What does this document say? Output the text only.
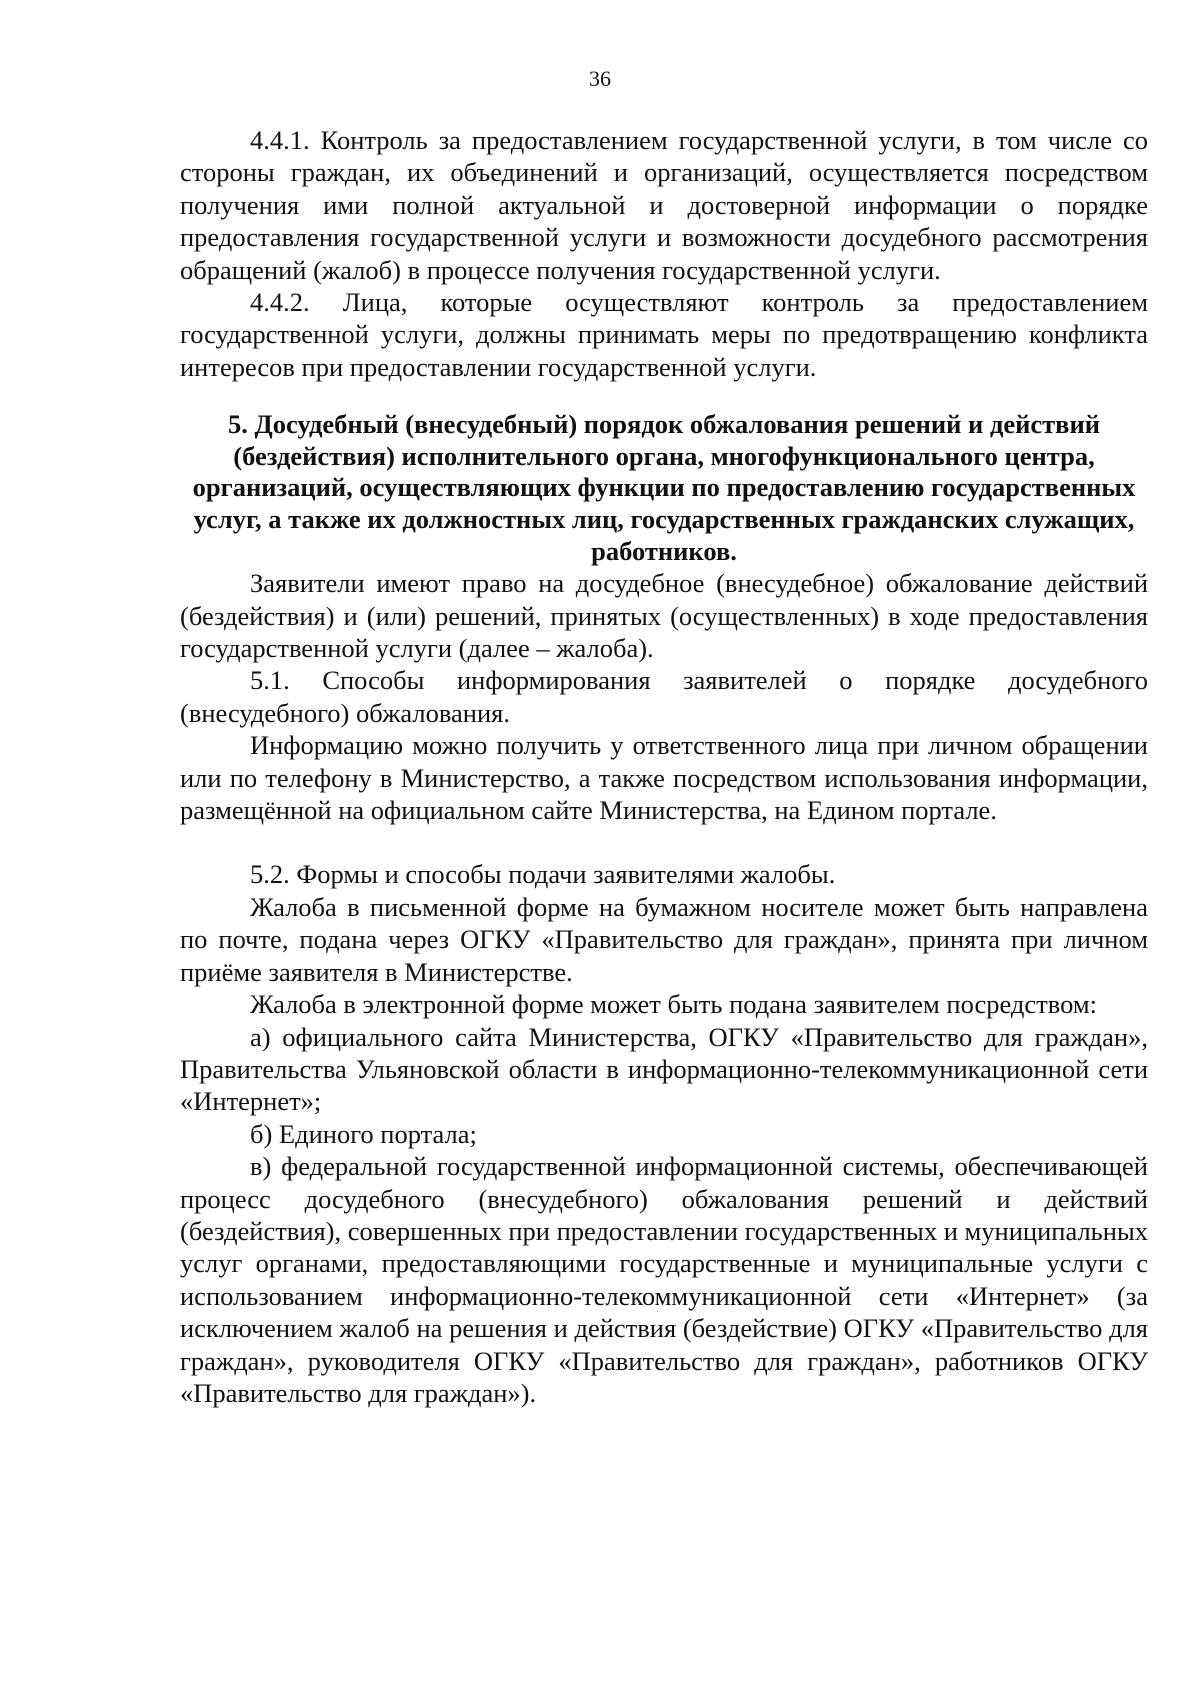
36

4.4.1. Контроль за предоставлением государственной услуги, в том числе со стороны граждан, их объединений и организаций, осуществляется посредством получения ими полной актуальной и достоверной информации о порядке предоставления государственной услуги и возможности досудебного рассмотрения обращений (жалоб) в процессе получения государственной услуги.

4.4.2. Лица, которые осуществляют контроль за предоставлением государственной услуги, должны принимать меры по предотвращению конфликта интересов при предоставлении государственной услуги.

5. Досудебный (внесудебный) порядок обжалования решений и действий (бездействия) исполнительного органа, многофункционального центра, организаций, осуществляющих функции по предоставлению государственных услуг, а также их должностных лиц, государственных гражданских служащих, работников.

Заявители имеют право на досудебное (внесудебное) обжалование действий (бездействия) и (или) решений, принятых (осуществленных) в ходе предоставления государственной услуги (далее – жалоба).

5.1. Способы информирования заявителей о порядке досудебного (внесудебного) обжалования.

Информацию можно получить у ответственного лица при личном обращении или по телефону в Министерство, а также посредством использования информации, размещённой на официальном сайте Министерства, на Едином портале.

5.2. Формы и способы подачи заявителями жалобы.

Жалоба в письменной форме на бумажном носителе может быть направлена по почте, подана через ОГКУ «Правительство для граждан», принята при личном приёме заявителя в Министерстве.

Жалоба в электронной форме может быть подана заявителем посредством:

а) официального сайта Министерства, ОГКУ «Правительство для граждан», Правительства Ульяновской области в информационно-телекоммуникационной сети «Интернет»;

б) Единого портала;

в) федеральной государственной информационной системы, обеспечивающей процесс досудебного (внесудебного) обжалования решений и действий (бездействия), совершенных при предоставлении государственных и муниципальных услуг органами, предоставляющими государственные и муниципальные услуги с использованием информационно-телекоммуникационной сети «Интернет» (за исключением жалоб на решения и действия (бездействие) ОГКУ «Правительство для граждан», руководителя ОГКУ «Правительство для граждан», работников ОГКУ «Правительство для граждан»).
